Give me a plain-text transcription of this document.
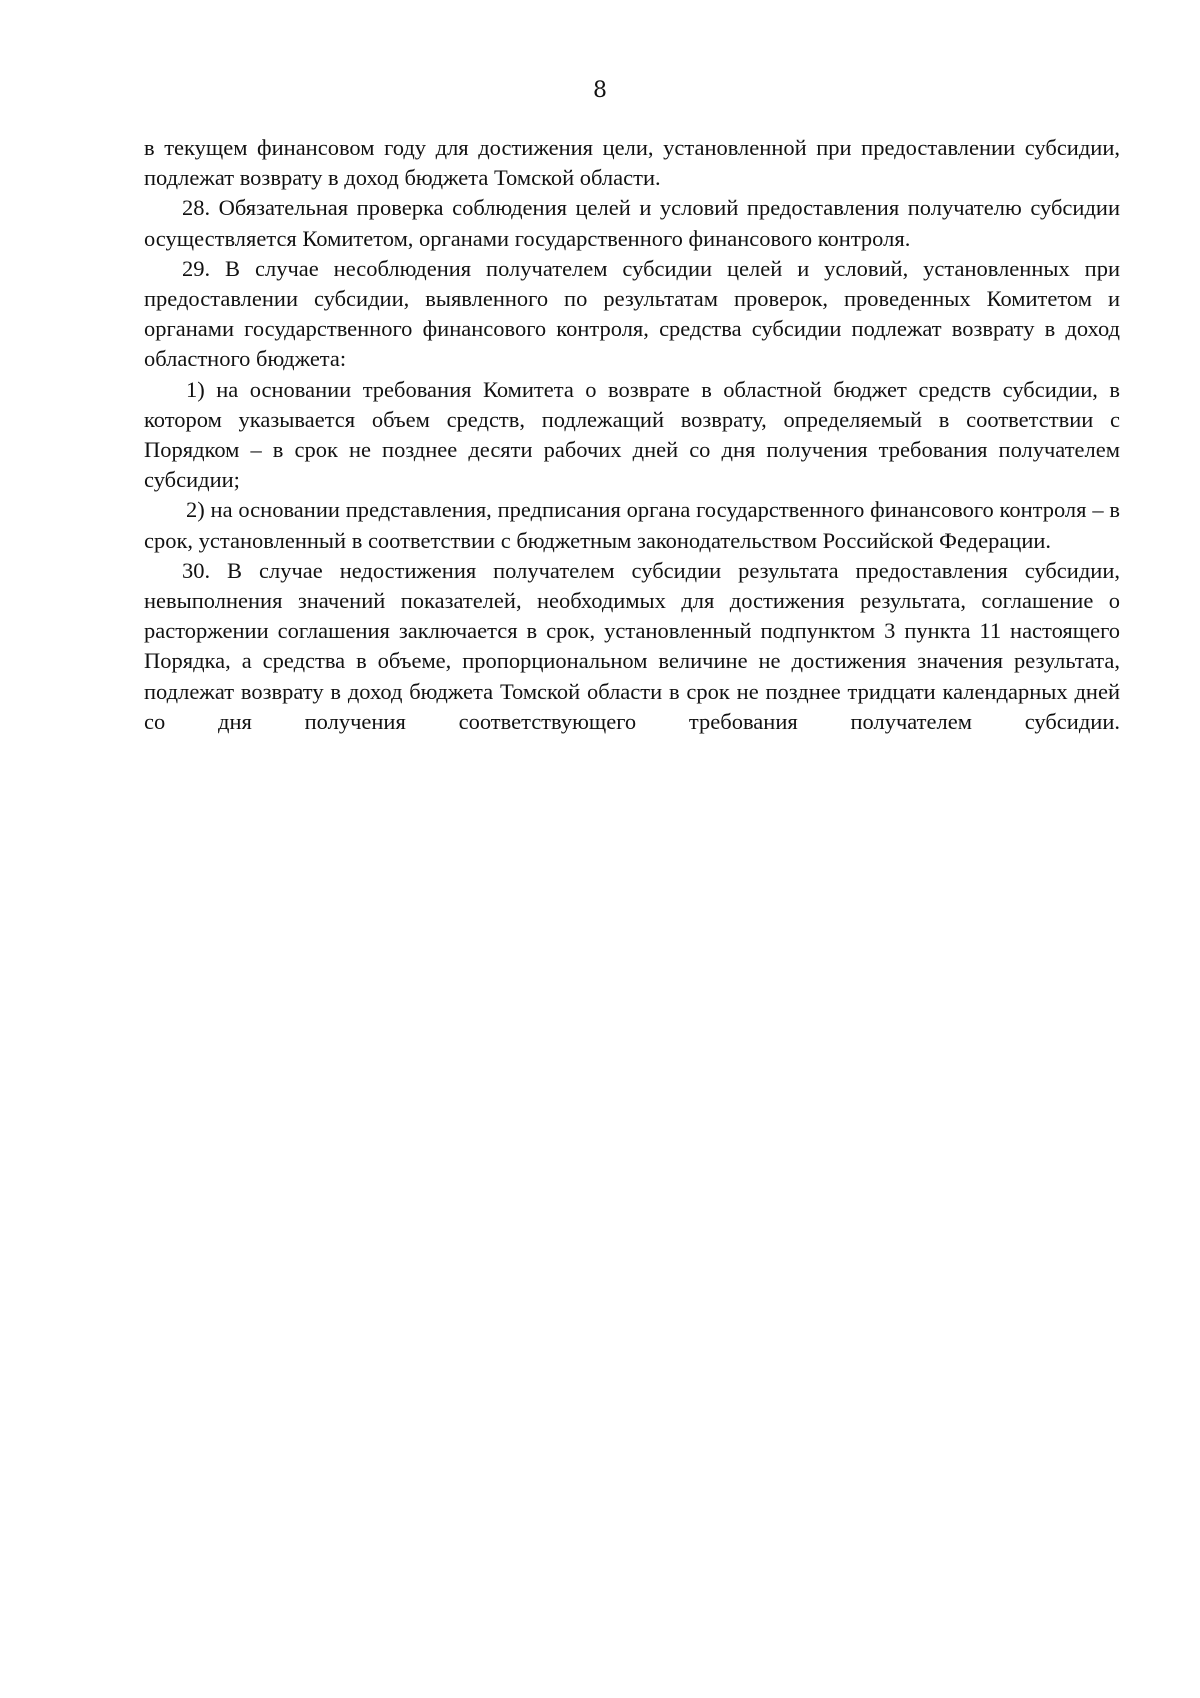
8

в текущем финансовом году для достижения цели, установленной при предоставлении субсидии, подлежат возврату в доход бюджета Томской области.

28. Обязательная проверка соблюдения целей и условий предоставления получателю субсидии осуществляется Комитетом, органами государственного финансового контроля.

29. В случае несоблюдения получателем субсидии целей и условий, установленных при предоставлении субсидии, выявленного по результатам проверок, проведенных Комитетом и органами государственного финансового контроля, средства субсидии подлежат возврату в доход областного бюджета:

1) на основании требования Комитета о возврате в областной бюджет средств субсидии, в котором указывается объем средств, подлежащий возврату, определяемый в соответствии с Порядком – в срок не позднее десяти рабочих дней со дня получения требования получателем субсидии;

2) на основании представления, предписания органа государственного финансового контроля – в срок, установленный в соответствии с бюджетным законодательством Российской Федерации.

30. В случае недостижения получателем субсидии результата предоставления субсидии, невыполнения значений показателей, необходимых для достижения результата, соглашение о расторжении соглашения заключается в срок, установленный подпунктом 3 пункта 11 настоящего Порядка, а средства в объеме, пропорциональном величине не достижения значения результата, подлежат возврату в доход бюджета Томской области в срок не позднее тридцати календарных дней со дня получения соответствующего требования получателем субсидии.
